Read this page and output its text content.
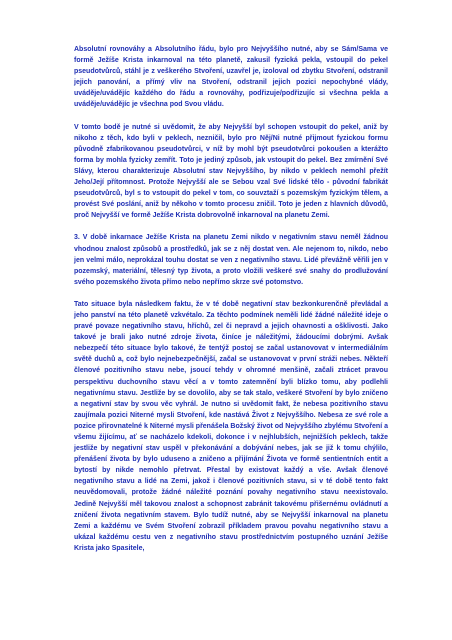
Absolutní rovnováhy a Absolutního řádu, bylo pro Nejvyššího nutné, aby se Sám/Sama ve formě Ježíše Krista inkarnoval na této planetě, zakusil fyzická pekla, vstoupil do pekel pseudotvůrců, stáhl je z veškerého Stvoření, uzavřel je, izoloval od zbytku Stvoření, odstranil jejich panování, a přímý vliv na Stvoření, odstranil jejich pozici nepochybné vlády, uváděje/uvádějíc každého do řádu a rovnováhy, podřizuje/podřizujíc si všechna pekla a uváděje/uvádějíc je všechna pod Svou vládu.

V tomto bodě je nutné si uvědomit, že aby Nejvyšší byl schopen vstoupit do pekel, aniž by nikoho z těch, kdo byli v peklech, nezničil, bylo pro Něj/Ni nutné přijmout fyzickou formu původně zfabrikovanou pseudotvůrci, v níž by mohl být pseudotvůrci pokoušen a kterážto forma by mohla fyzicky zemřít. Toto je jediný způsob, jak vstoupit do pekel. Bez zmírnění Své Slávy, kterou charakterizuje Absolutní stav Nejvyššího, by nikdo v peklech nemohl přežít Jeho/Její přítomnost. Protože Nejvyšší ale se Sebou vzal Své lidské tělo - původní fabrikát pseudotvůrců, byl s to vstoupit do pekel v tom, co souvztaží s pozemským fyzickým tělem, a provést Své poslání, aniž by někoho v tomto procesu zničil. Toto je jeden z hlavních důvodů, proč Nejvyšší ve formě Ježíše Krista dobrovolně inkarnoval na planetu Zemi.

3. V době inkarnace Ježíše Krista na planetu Zemi nikdo v negativním stavu neměl žádnou vhodnou znalost způsobů a prostředků, jak se z něj dostat ven. Ale nejenom to, nikdo, nebo jen velmi málo, neprokázal touhu dostat se ven z negativního stavu. Lidé převážně věřili jen v pozemský, materiální, tělesný typ života, a proto vložili veškeré své snahy do prodlužování svého pozemského života přímo nebo nepřímo skrze své potomstvo.

Tato situace byla následkem faktu, že v té době negativní stav bezkonkurenčně převládal a jeho panství na této planetě vzkvétalo. Za těchto podmínek neměli lidé žádné náležité ideje o pravé povaze negativního stavu, hříchů, zel či nepravd a jejich ohavnosti a ošklivosti. Jako takové je brali jako nutné zdroje života, činíce je náležitými, žádoucími dobrými. Avšak nebezpečí této situace bylo takové, že tentýž postoj se začal ustanovovat v intermediálním světě duchů a, což bylo nejnebezpečnější, začal se ustanovovat v první stráži nebes. Někteří členové pozitivního stavu nebe, jsoucí tehdy v ohromné menšině, začali ztrácet pravou perspektivu duchovního stavu věcí a v tomto zatemnění byli blízko tomu, aby podlehli negativnímu stavu. Jestliže by se dovolilo, aby se tak stalo, veškeré Stvoření by bylo zničeno a negativní stav by svou věc vyhrál. Je nutno si uvědomit fakt, že nebesa pozitivního stavu zaujímala pozici Niterné mysli Stvoření, kde nastává Život z Nejvyššího. Nebesa ze své role a pozice přirovnatelné k Niterné mysli přenášela Božský život od Nejvyššího zbylému Stvoření a všemu žijícímu, ať se nacházelo kdekoli, dokonce i v nejhlubších, nejnižších peklech, takže jestliže by negativní stav uspěl v překonávání a dobývání nebes, jak se již k tomu chýlilo, přenášení života by bylo uduseno a zničeno a přijímání Života ve formě sentientních entit a bytostí by nikde nemohlo přetrvat. Přestal by existovat každý a vše. Avšak členové negativního stavu a lidé na Zemi, jakož i členové pozitivních stavu, si v té době tento fakt neuvědomovali, protože žádné náležité poznání povahy negativního stavu neexistovalo. Jedině Nejvyšší měl takovou znalost a schopnost zabránit takovému přišernému ovládnutí a zničení života negativním stavem. Bylo tudíž nutné, aby se Nejvyšší inkarnoval na planetu Zemi a každému ve Svém Stvoření zobrazil příkladem pravou povahu negativního stavu a ukázal každému cestu ven z negativního stavu prostřednictvím postupného uznání Ježíše Krista jako Spasitele,
